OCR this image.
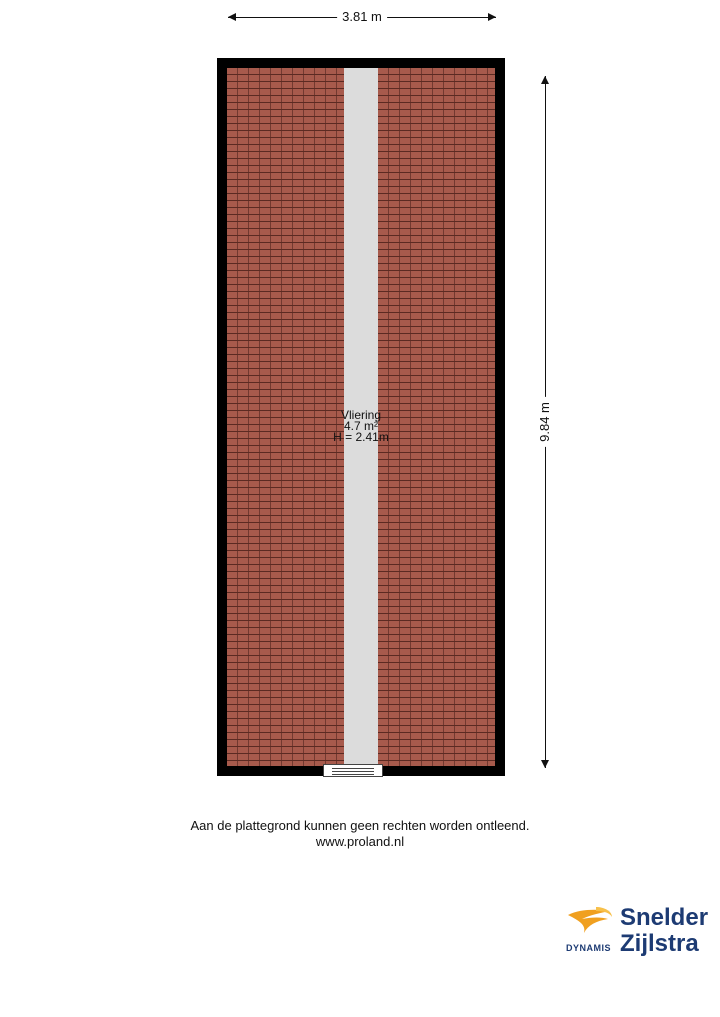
3.81 m
9.84 m
Vliering
4.7 m²
H = 2.41m
Aan de plattegrond kunnen geen rechten worden ontleend.
www.proland.nl
Snelder
Zijlstra
DYNAMIS
